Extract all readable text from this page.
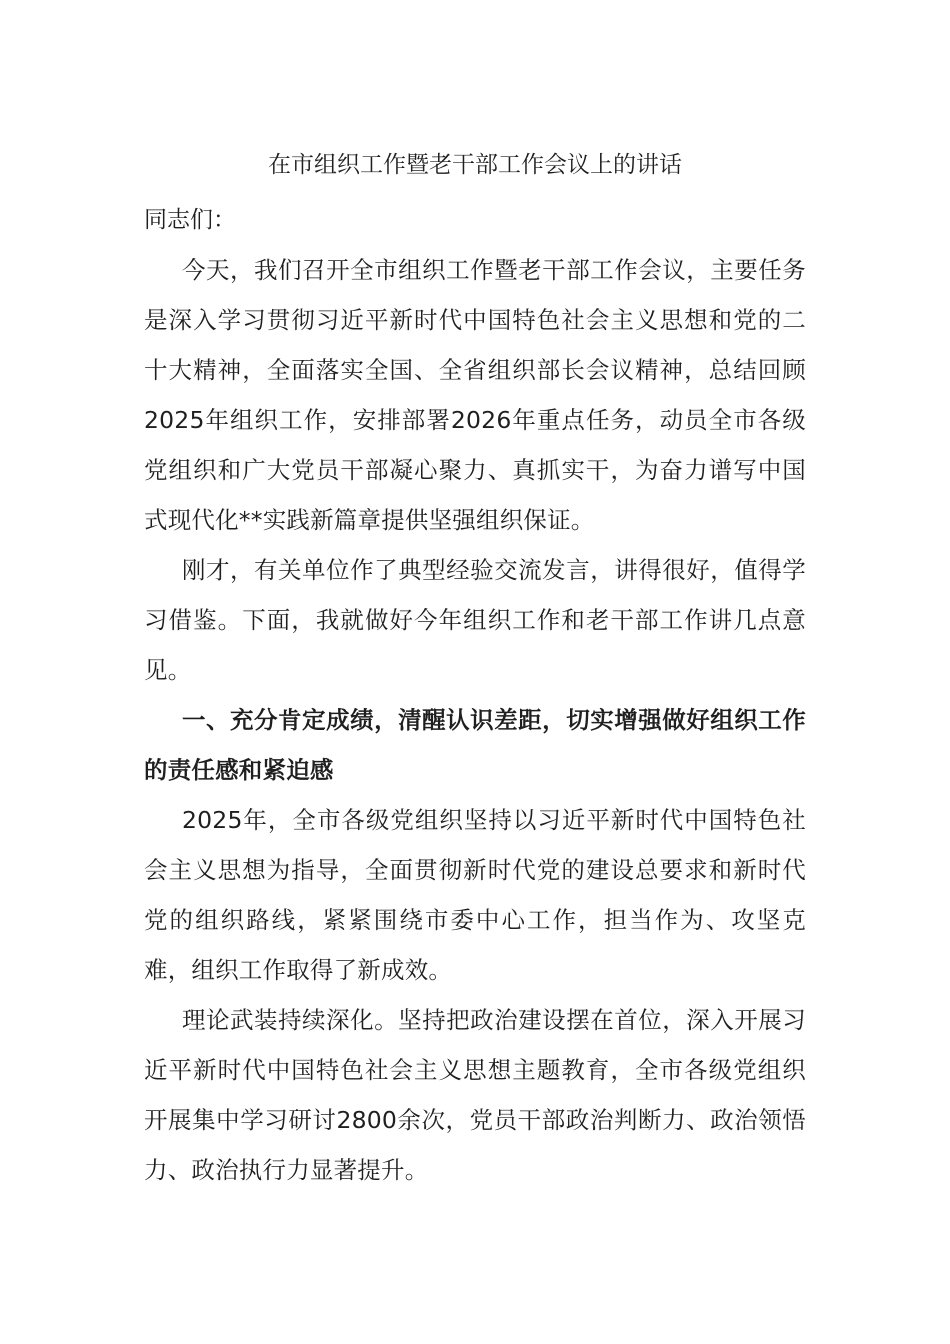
在市组织工作暨老干部工作会议上的讲话

同志们：

今天，我们召开全市组织工作暨老干部工作会议，主要任务是深入学习贯彻习近平新时代中国特色社会主义思想和党的二十大精神，全面落实全国、全省组织部长会议精神，总结回顾2025年组织工作，安排部署2026年重点任务，动员全市各级党组织和广大党员干部凝心聚力、真抓实干，为奋力谱写中国式现代化**实践新篇章提供坚强组织保证。

刚才，有关单位作了典型经验交流发言，讲得很好，值得学习借鉴。下面，我就做好今年组织工作和老干部工作讲几点意见。

一、充分肯定成绩，清醒认识差距，切实增强做好组织工作的责任感和紧迫感

2025年，全市各级党组织坚持以习近平新时代中国特色社会主义思想为指导，全面贯彻新时代党的建设总要求和新时代党的组织路线，紧紧围绕市委中心工作，担当作为、攻坚克难，组织工作取得了新成效。

理论武装持续深化。坚持把政治建设摆在首位，深入开展习近平新时代中国特色社会主义思想主题教育，全市各级党组织开展集中学习研讨2800余次，党员干部政治判断力、政治领悟力、政治执行力显著提升。
